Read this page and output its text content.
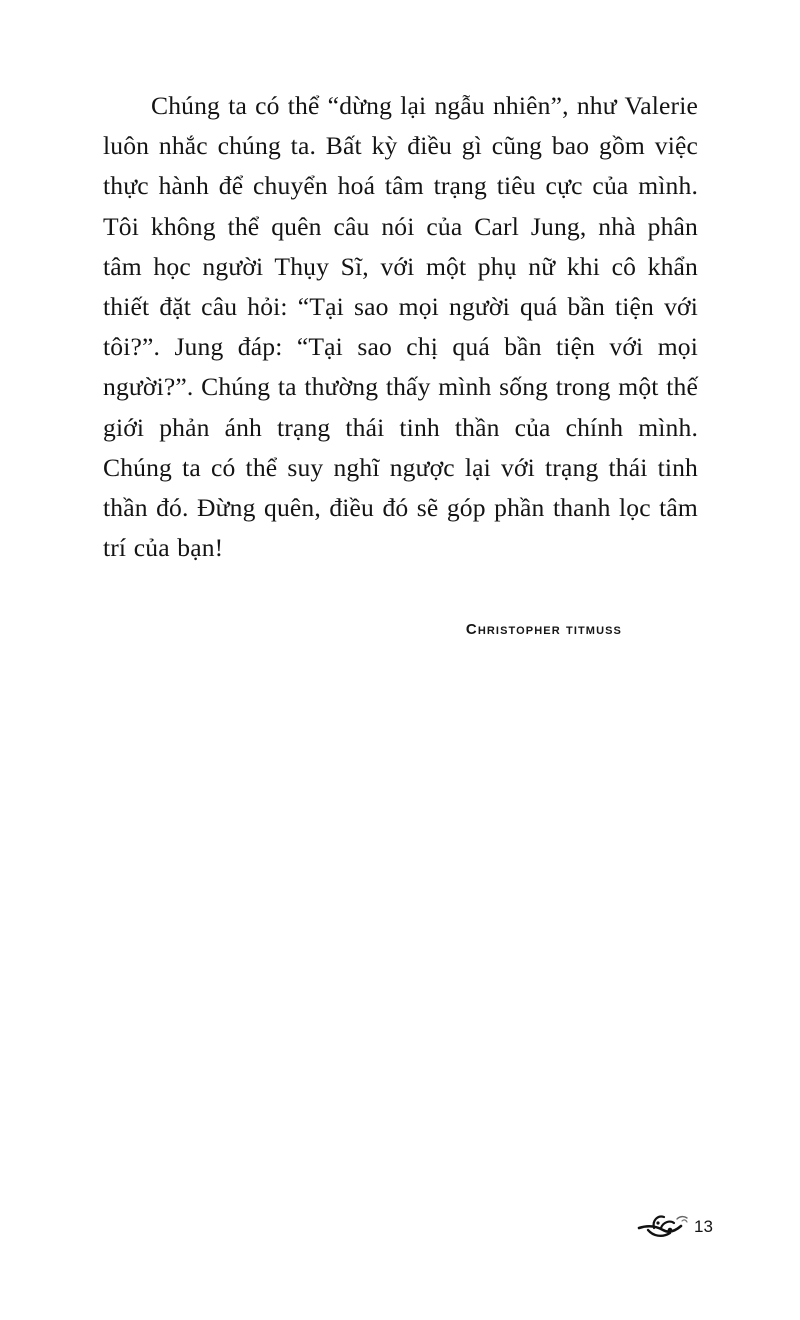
Chúng ta có thể “dừng lại ngẫu nhiên”, như Valerie luôn nhắc chúng ta. Bất kỳ điều gì cũng bao gồm việc thực hành để chuyển hoá tâm trạng tiêu cực của mình. Tôi không thể quên câu nói của Carl Jung, nhà phân tâm học người Thụy Sĩ, với một phụ nữ khi cô khẩn thiết đặt câu hỏi: “Tại sao mọi người quá bần tiện với tôi?”. Jung đáp: “Tại sao chị quá bần tiện với mọi người?”. Chúng ta thường thấy mình sống trong một thế giới phản ánh trạng thái tinh thần của chính mình. Chúng ta có thể suy nghĩ ngược lại với trạng thái tinh thần đó. Đừng quên, điều đó sẽ góp phần thanh lọc tâm trí của bạn!

Christopher titmuss

13
